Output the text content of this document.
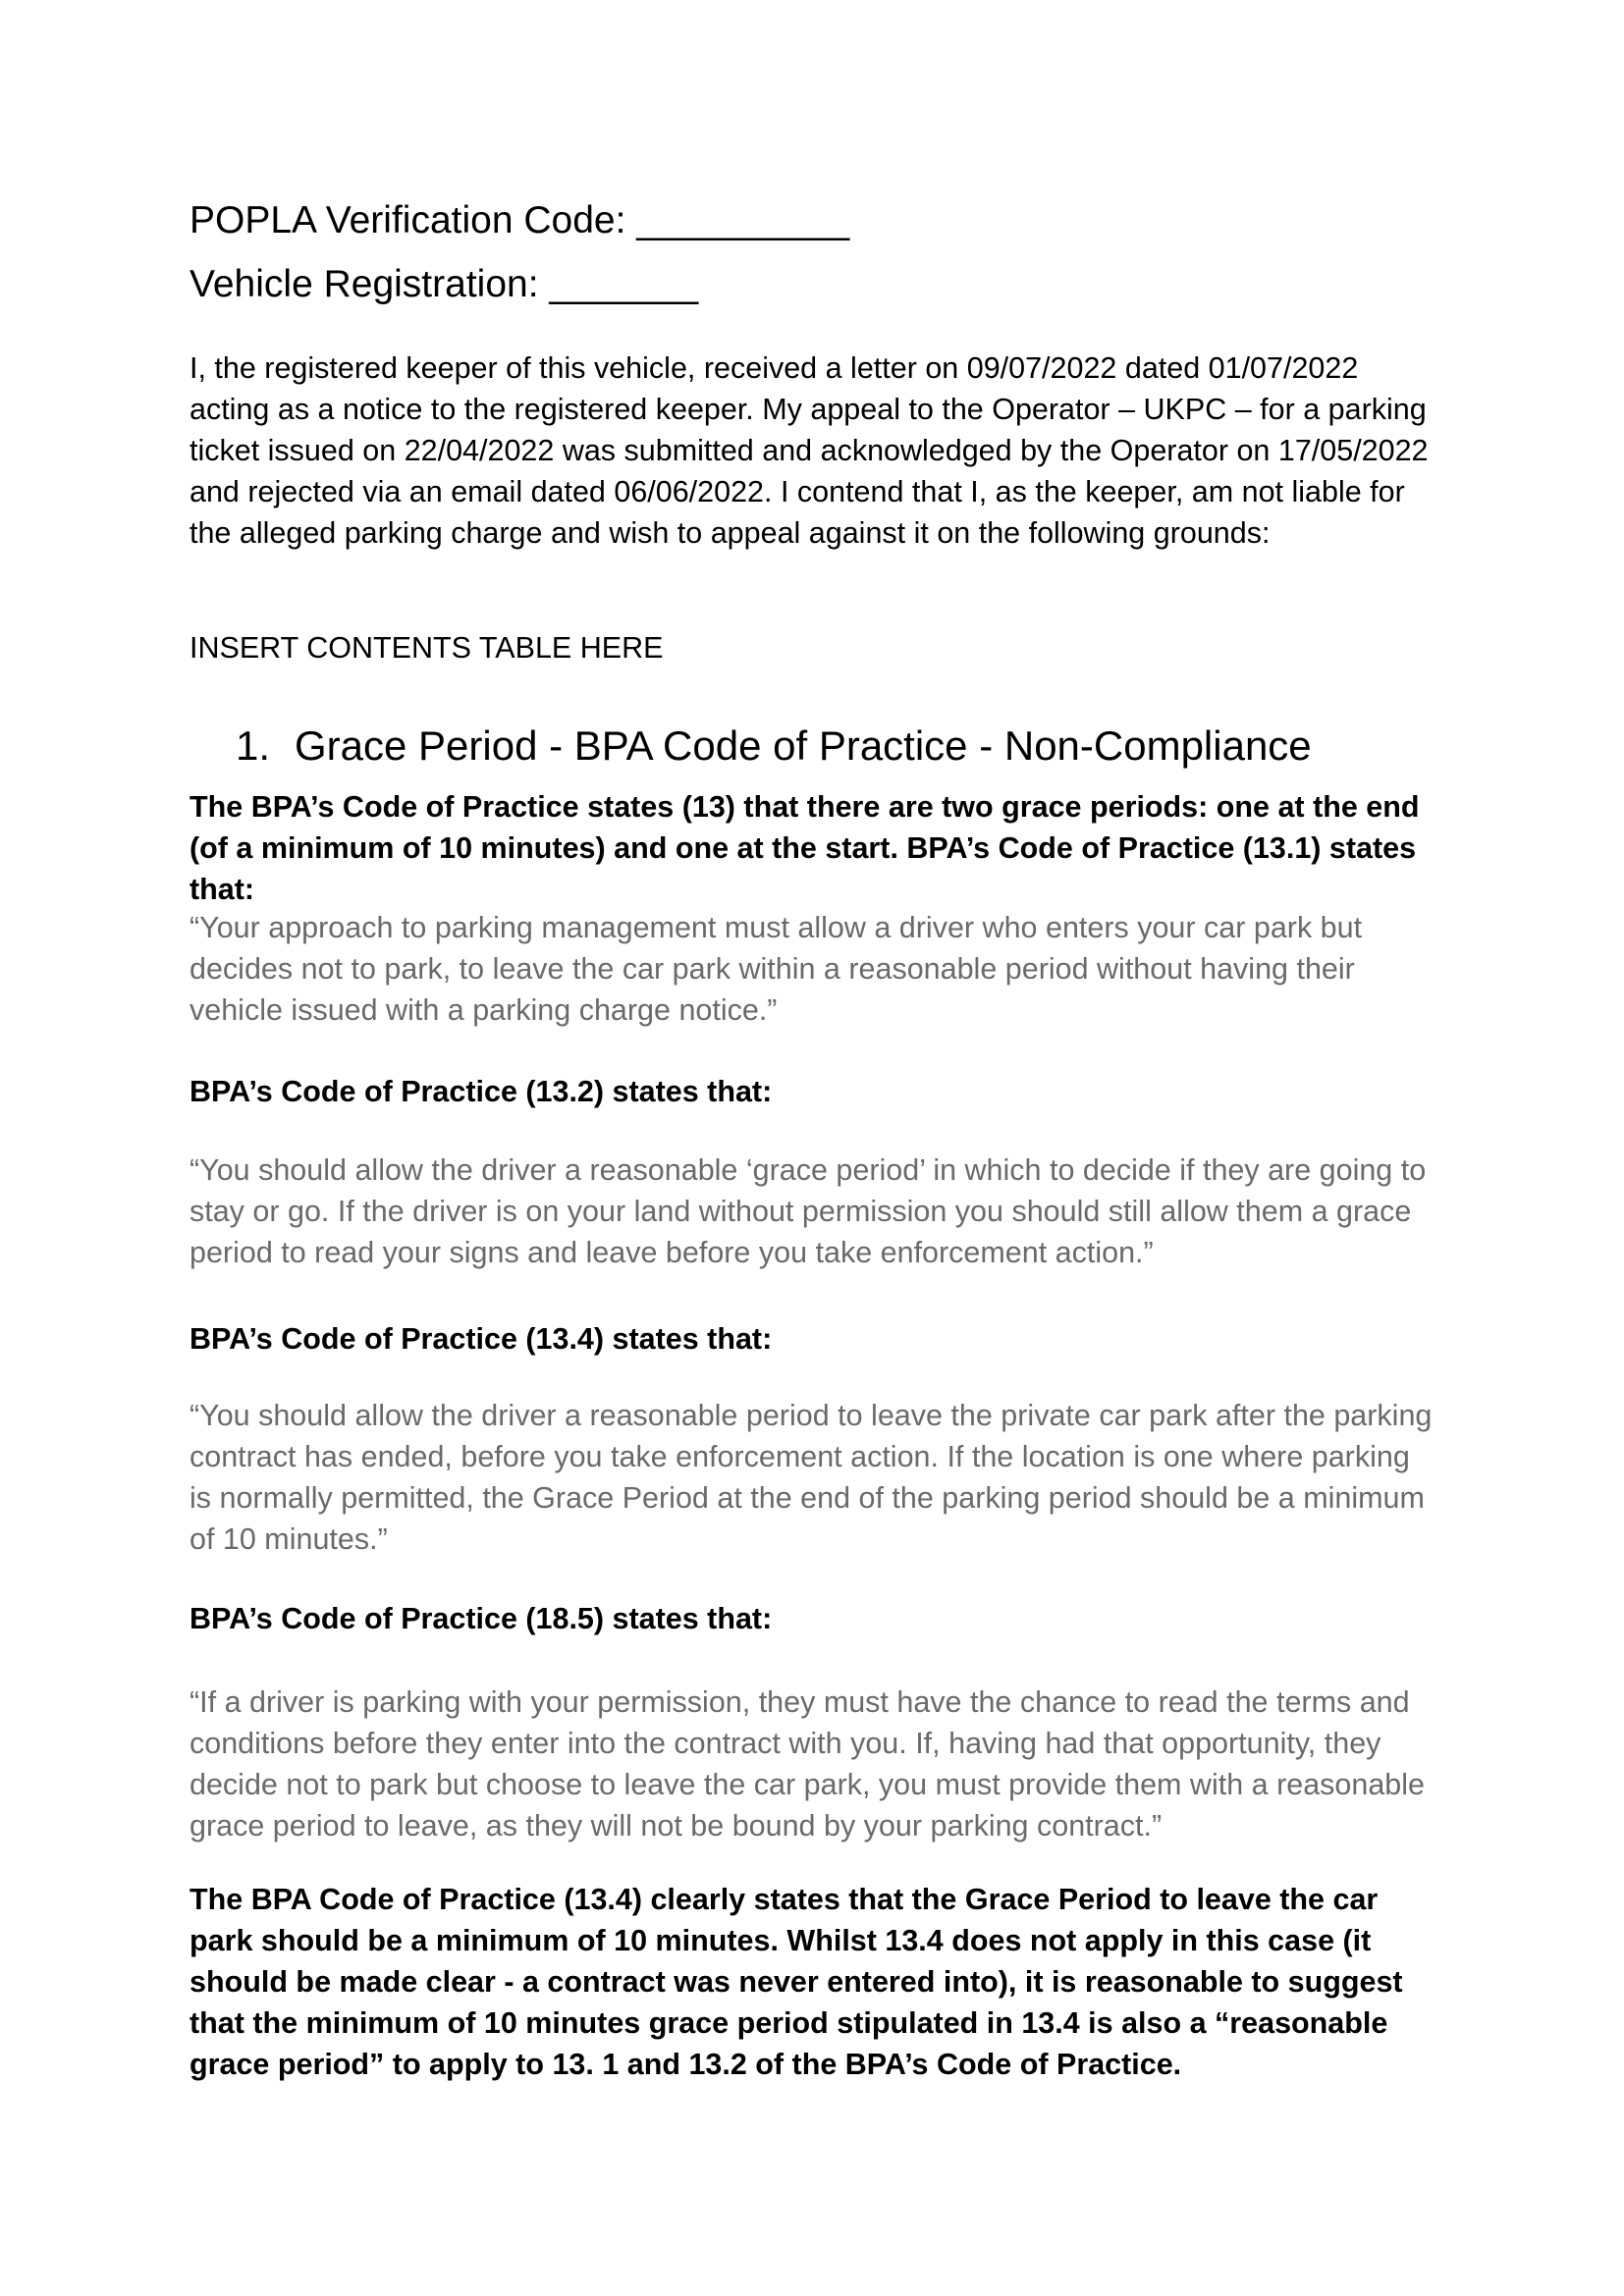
POPLA Verification Code: __________

Vehicle Registration: _______

I, the registered keeper of this vehicle, received a letter on 09/07/2022 dated 01/07/2022 acting as a notice to the registered keeper. My appeal to the Operator – UKPC – for a parking ticket issued on 22/04/2022 was submitted and acknowledged by the Operator on 17/05/2022 and rejected via an email dated 06/06/2022. I contend that I, as the keeper, am not liable for the alleged parking charge and wish to appeal against it on the following grounds:

INSERT CONTENTS TABLE HERE

1. Grace Period - BPA Code of Practice - Non-Compliance

The BPA’s Code of Practice states (13) that there are two grace periods: one at the end (of a minimum of 10 minutes) and one at the start. BPA’s Code of Practice (13.1) states that:

“Your approach to parking management must allow a driver who enters your car park but decides not to park, to leave the car park within a reasonable period without having their vehicle issued with a parking charge notice.”

BPA’s Code of Practice (13.2) states that:

“You should allow the driver a reasonable ‘grace period’ in which to decide if they are going to stay or go. If the driver is on your land without permission you should still allow them a grace period to read your signs and leave before you take enforcement action.”

BPA’s Code of Practice (13.4) states that:

“You should allow the driver a reasonable period to leave the private car park after the parking contract has ended, before you take enforcement action. If the location is one where parking is normally permitted, the Grace Period at the end of the parking period should be a minimum of 10 minutes.”

BPA’s Code of Practice (18.5) states that:

“If a driver is parking with your permission, they must have the chance to read the terms and conditions before they enter into the contract with you. If, having had that opportunity, they decide not to park but choose to leave the car park, you must provide them with a reasonable grace period to leave, as they will not be bound by your parking contract.”

The BPA Code of Practice (13.4) clearly states that the Grace Period to leave the car  park should be a minimum of 10 minutes. Whilst 13.4 does not apply in this case (it should be made clear - a contract was never entered into), it is reasonable to suggest that the minimum of 10 minutes grace period stipulated in 13.4 is also a “reasonable grace period” to apply to 13. 1 and 13.2 of the BPA’s Code of Practice.
